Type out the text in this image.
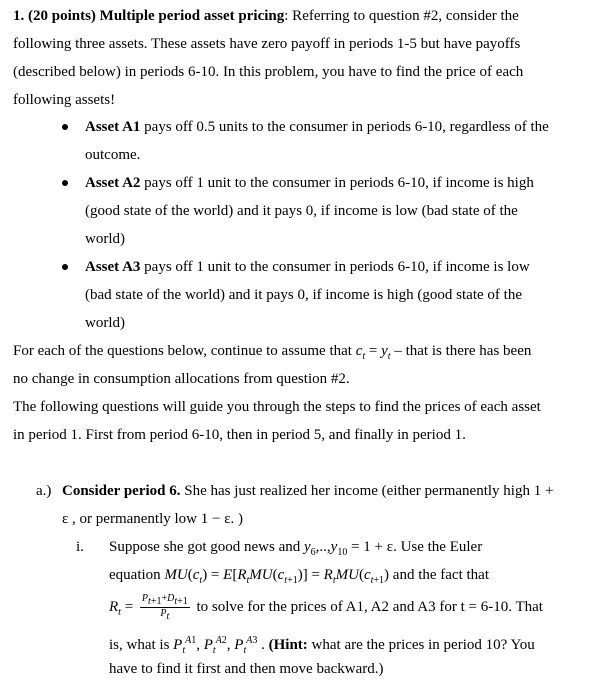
1. (20 points) Multiple period asset pricing: Referring to question #2, consider the
following three assets. These assets have zero payoff in periods 1-5 but have payoffs
(described below) in periods 6-10. In this problem, you have to find the price of each
following assets!
Asset A1 pays off 0.5 units to the consumer in periods 6-10, regardless of the
outcome.
Asset A2 pays off 1 unit to the consumer in periods 6-10, if income is high
(good state of the world) and it pays 0, if income is low (bad state of the
world)
Asset A3 pays off 1 unit to the consumer in periods 6-10, if income is low
(bad state of the world) and it pays 0, if income is high (good state of the
world)
For each of the questions below, continue to assume that $c_t = y_t$ – that is there has been
no change in consumption allocations from question #2.
The following questions will guide you through the steps to find the prices of each asset
in period 1. First from period 6-10, then in period 5, and finally in period 1.
a.) Consider period 6. She has just realized her income (either permanently high 1 +
ε , or permanently low 1 − ε. )
i. Suppose she got good news and $y_6,..,y_{10} = 1 + \varepsilon$. Use the Euler
equation $MU(c_t) = E[R_tMU(c_{t+1})] = R_tMU(c_{t+1})$ and the fact that
$R_t = \frac{P_{t+1}+D_{t+1}}{P_t}$ to solve for the prices of A1, A2 and A3 for t = 6-10. That
is, what is $P_t^{A1}$, $P_t^{A2}$, $P_t^{A3}$ . (Hint: what are the prices in period 10? You
have to find it first and then move backward.)
